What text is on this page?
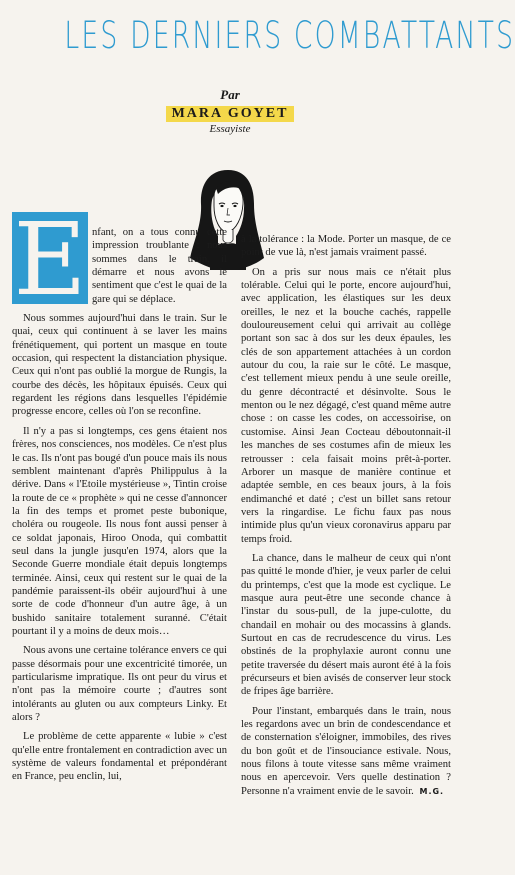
LES DERNIERS COMBATTANTS
Par
MARA GOYET
Essayiste
E nfant, on a tous connu cette impression troublante : nous sommes dans le train, il démarre et nous avons le sentiment que c'est le quai de la gare qui se déplace.

Nous sommes aujourd'hui dans le train. Sur le quai, ceux qui continuent à se laver les mains frénétiquement, qui portent un masque en toute occasion, qui respectent la distanciation physique. Ceux qui n'ont pas oublié la morgue de Rungis, la courbe des décès, les hôpitaux épuisés. Ceux qui regardent les régions dans lesquelles l'épidémie progresse encore, celles où l'on se reconfine.

Il n'y a pas si longtemps, ces gens étaient nos frères, nos consciences, nos modèles. Ce n'est plus le cas. Ils n'ont pas bougé d'un pouce mais ils nous semblent maintenant d'après Philippulus à la dérive. Dans « l'Etoile mystérieuse », Tintin croise la route de ce « prophète » qui ne cesse d'annoncer la fin des temps et promet peste bubonique, choléra ou rougeole. Ils nous font aussi penser à ce soldat japonais, Hiroo Onoda, qui combattit seul dans la jungle jusqu'en 1974, alors que la Seconde Guerre mondiale était depuis longtemps terminée. Ainsi, ceux qui restent sur le quai de la pandémie paraissent-ils obéir aujourd'hui à une sorte de code d'honneur d'un autre âge, à un bushido sanitaire totalement suranné. C'était pourtant il y a moins de deux mois…

Nous avons une certaine tolérance envers ce qui passe désormais pour une excentricité timorée, un particularisme impratique. Ils ont peur du virus et n'ont pas la mémoire courte ; d'autres sont intolérants au gluten ou aux compteurs Linky. Et alors ?

Le problème de cette apparente « lubie » c'est qu'elle entre frontalement en contradiction avec un système de valeurs fondamental et prépondérant en France, peu enclin, lui,

à la tolérance : la Mode. Porter un masque, de ce point de vue là, n'est jamais vraiment passé.

On a pris sur nous mais ce n'était plus tolérable. Celui qui le porte, encore aujourd'hui, avec application, les élastiques sur les deux oreilles, le nez et la bouche cachés, rappelle douloureusement celui qui arrivait au collège portant son sac à dos sur les deux épaules, les clés de son appartement attachées à un cordon autour du cou, la raie sur le côté. Le masque, c'est tellement mieux pendu à une seule oreille, du genre décontracté et désinvolte. Sous le menton ou le nez dégagé, c'est quand même autre chose : on casse les codes, on accessoirise, on customise. Ainsi Jean Cocteau déboutonnait-il les manches de ses costumes afin de mieux les retrousser : cela faisait moins prêt-à-porter. Arborer un masque de manière continue et adaptée semble, en ces beaux jours, à la fois endimanché et daté ; c'est un billet sans retour vers la ringardise. Le fichu faux pas nous intimide plus qu'un vieux coronavirus apparu par temps froid.

La chance, dans le malheur de ceux qui n'ont pas quitté le monde d'hier, je veux parler de celui du printemps, c'est que la mode est cyclique. Le masque aura peut-être une seconde chance à l'instar du sous-pull, de la jupe-culotte, du chandail en mohair ou des mocassins à glands. Surtout en cas de recrudescence du virus. Les obstinés de la prophylaxie auront connu une petite traversée du désert mais auront été à la fois précurseurs et bien avisés de conserver leur stock de fripes âge barrière.

Pour l'instant, embarqués dans le train, nous les regardons avec un brin de condescendance et de consternation s'éloigner, immobiles, des rives du bon goût et de l'insouciance estivale. Nous, nous filons à toute vitesse sans même vraiment nous en apercevoir. Vers quelle destination ? Personne n'a vraiment envie de le savoir. M.G.
